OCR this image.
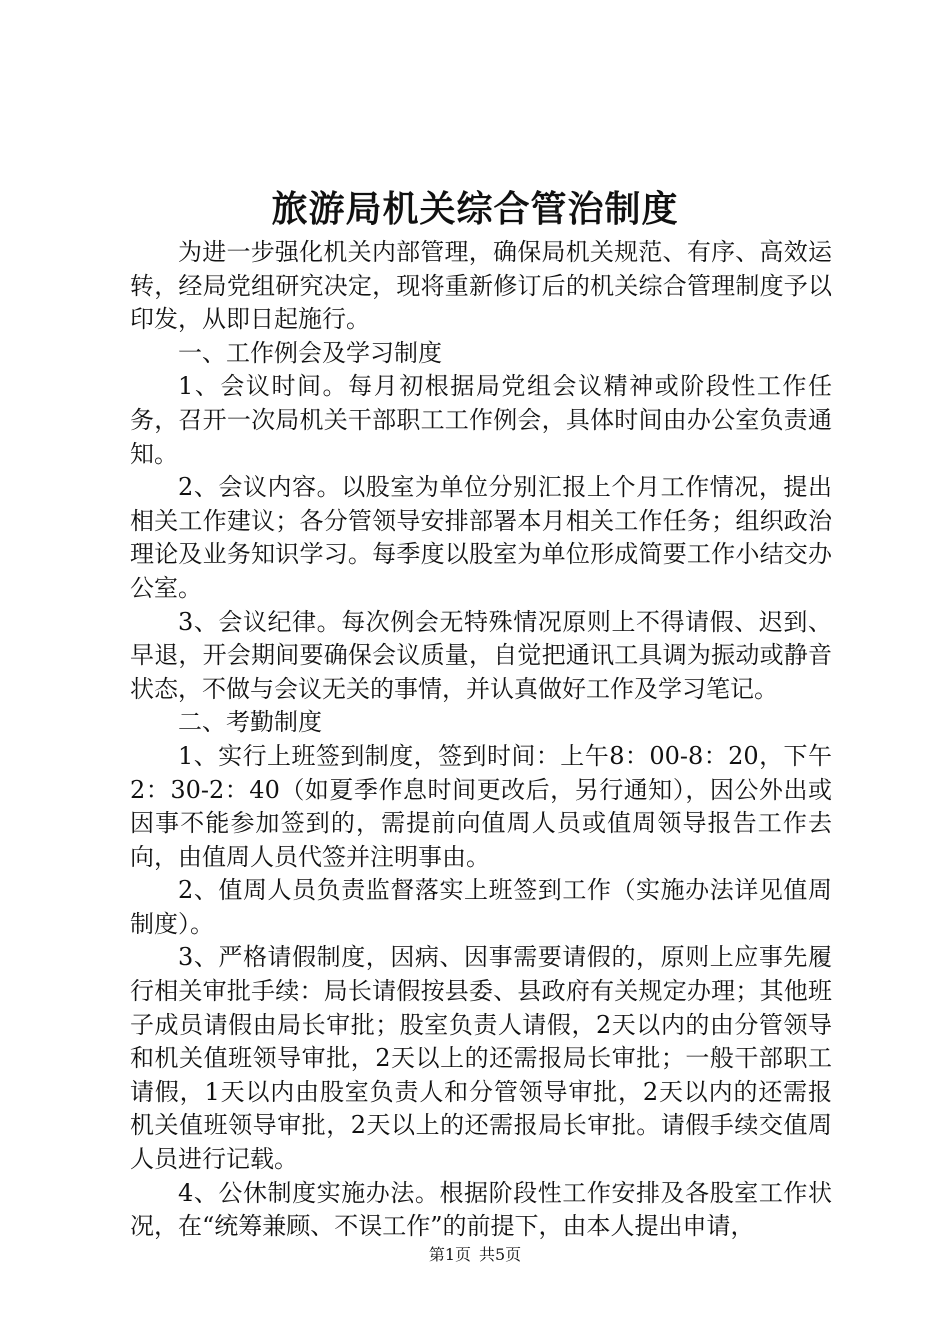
旅游局机关综合管治制度

为进一步强化机关内部管理，确保局机关规范、有序、高效运转，经局党组研究决定，现将重新修订后的机关综合管理制度予以印发，从即日起施行。

一、工作例会及学习制度

1、会议时间。每月初根据局党组会议精神或阶段性工作任务，召开一次局机关干部职工工作例会，具体时间由办公室负责通知。

2、会议内容。以股室为单位分别汇报上个月工作情况，提出相关工作建议；各分管领导安排部署本月相关工作任务；组织政治理论及业务知识学习。每季度以股室为单位形成简要工作小结交办公室。

3、会议纪律。每次例会无特殊情况原则上不得请假、迟到、早退，开会期间要确保会议质量，自觉把通讯工具调为振动或静音状态，不做与会议无关的事情，并认真做好工作及学习笔记。

二、考勤制度

1、实行上班签到制度，签到时间：上午8：00-8：20，下午2：30-2：40（如夏季作息时间更改后，另行通知），因公外出或因事不能参加签到的，需提前向值周人员或值周领导报告工作去向，由值周人员代签并注明事由。

2、值周人员负责监督落实上班签到工作（实施办法详见值周制度）。

3、严格请假制度，因病、因事需要请假的，原则上应事先履行相关审批手续：局长请假按县委、县政府有关规定办理；其他班子成员请假由局长审批；股室负责人请假，2天以内的由分管领导和机关值班领导审批，2天以上的还需报局长审批；一般干部职工请假，1天以内由股室负责人和分管领导审批，2天以内的还需报机关值班领导审批，2天以上的还需报局长审批。请假手续交值周人员进行记载。

4、公休制度实施办法。根据阶段性工作安排及各股室工作状况，在“统筹兼顾、不误工作”的前提下，由本人提出申请，

第1页 共5页
